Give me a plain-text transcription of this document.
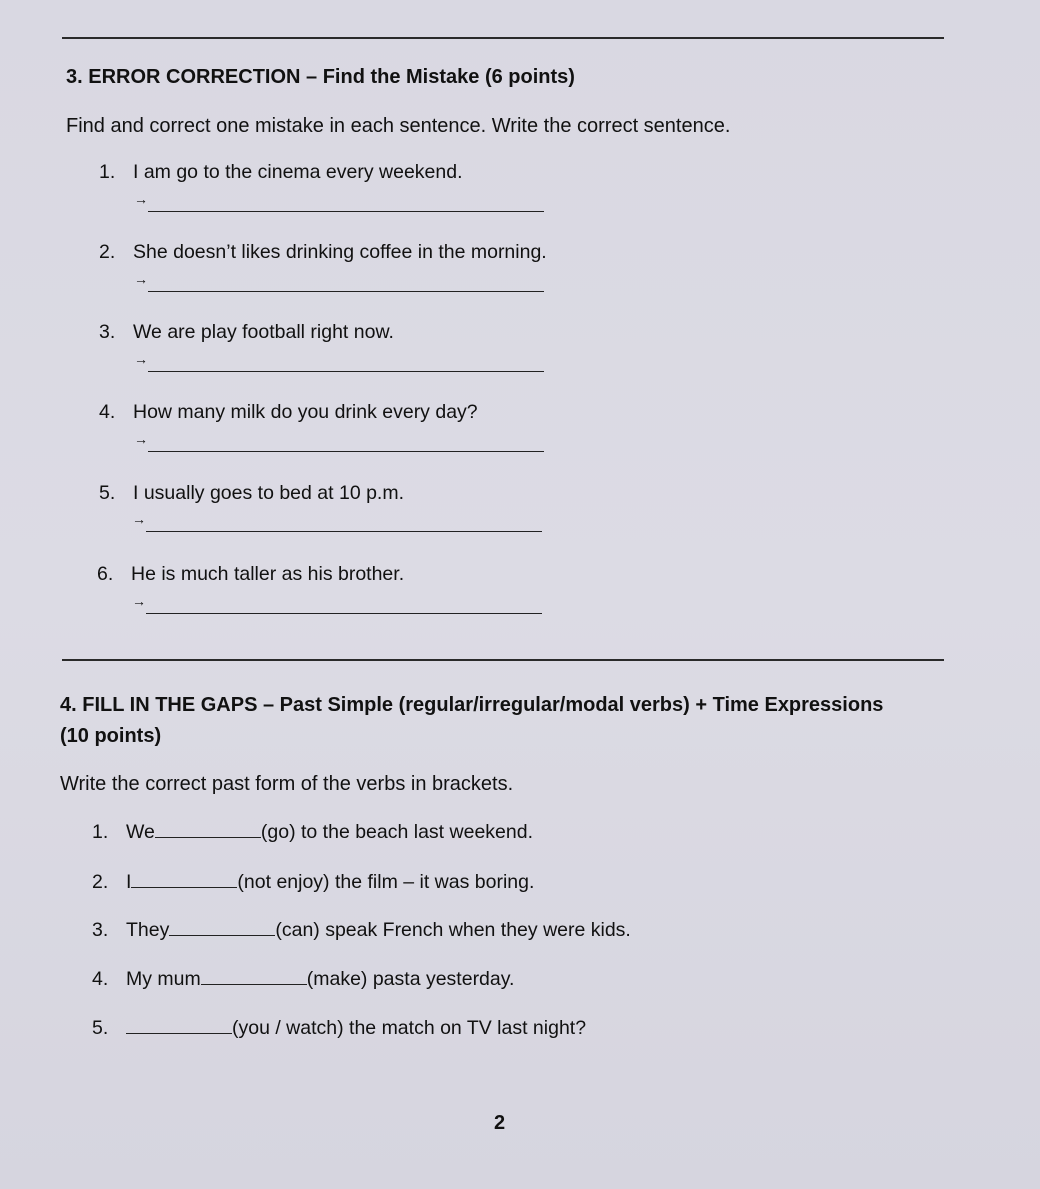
3. ERROR CORRECTION – Find the Mistake (6 points)
Find and correct one mistake in each sentence. Write the correct sentence.
1. I am go to the cinema every weekend.
→
2. She doesn’t likes drinking coffee in the morning.
→
3. We are play football right now.
→
4. How many milk do you drink every day?
→
5. I usually goes to bed at 10 p.m.
→
6. He is much taller as his brother.
→
4. FILL IN THE GAPS – Past Simple (regular/irregular/modal verbs) + Time Expressions
(10 points)
Write the correct past form of the verbs in brackets.
1. We	(go) to the beach last weekend.
2. I	(not enjoy) the film – it was boring.
3. They	(can) speak French when they were kids.
4. My mum	(make) pasta yesterday.
5.	(you / watch) the match on TV last night?
2
